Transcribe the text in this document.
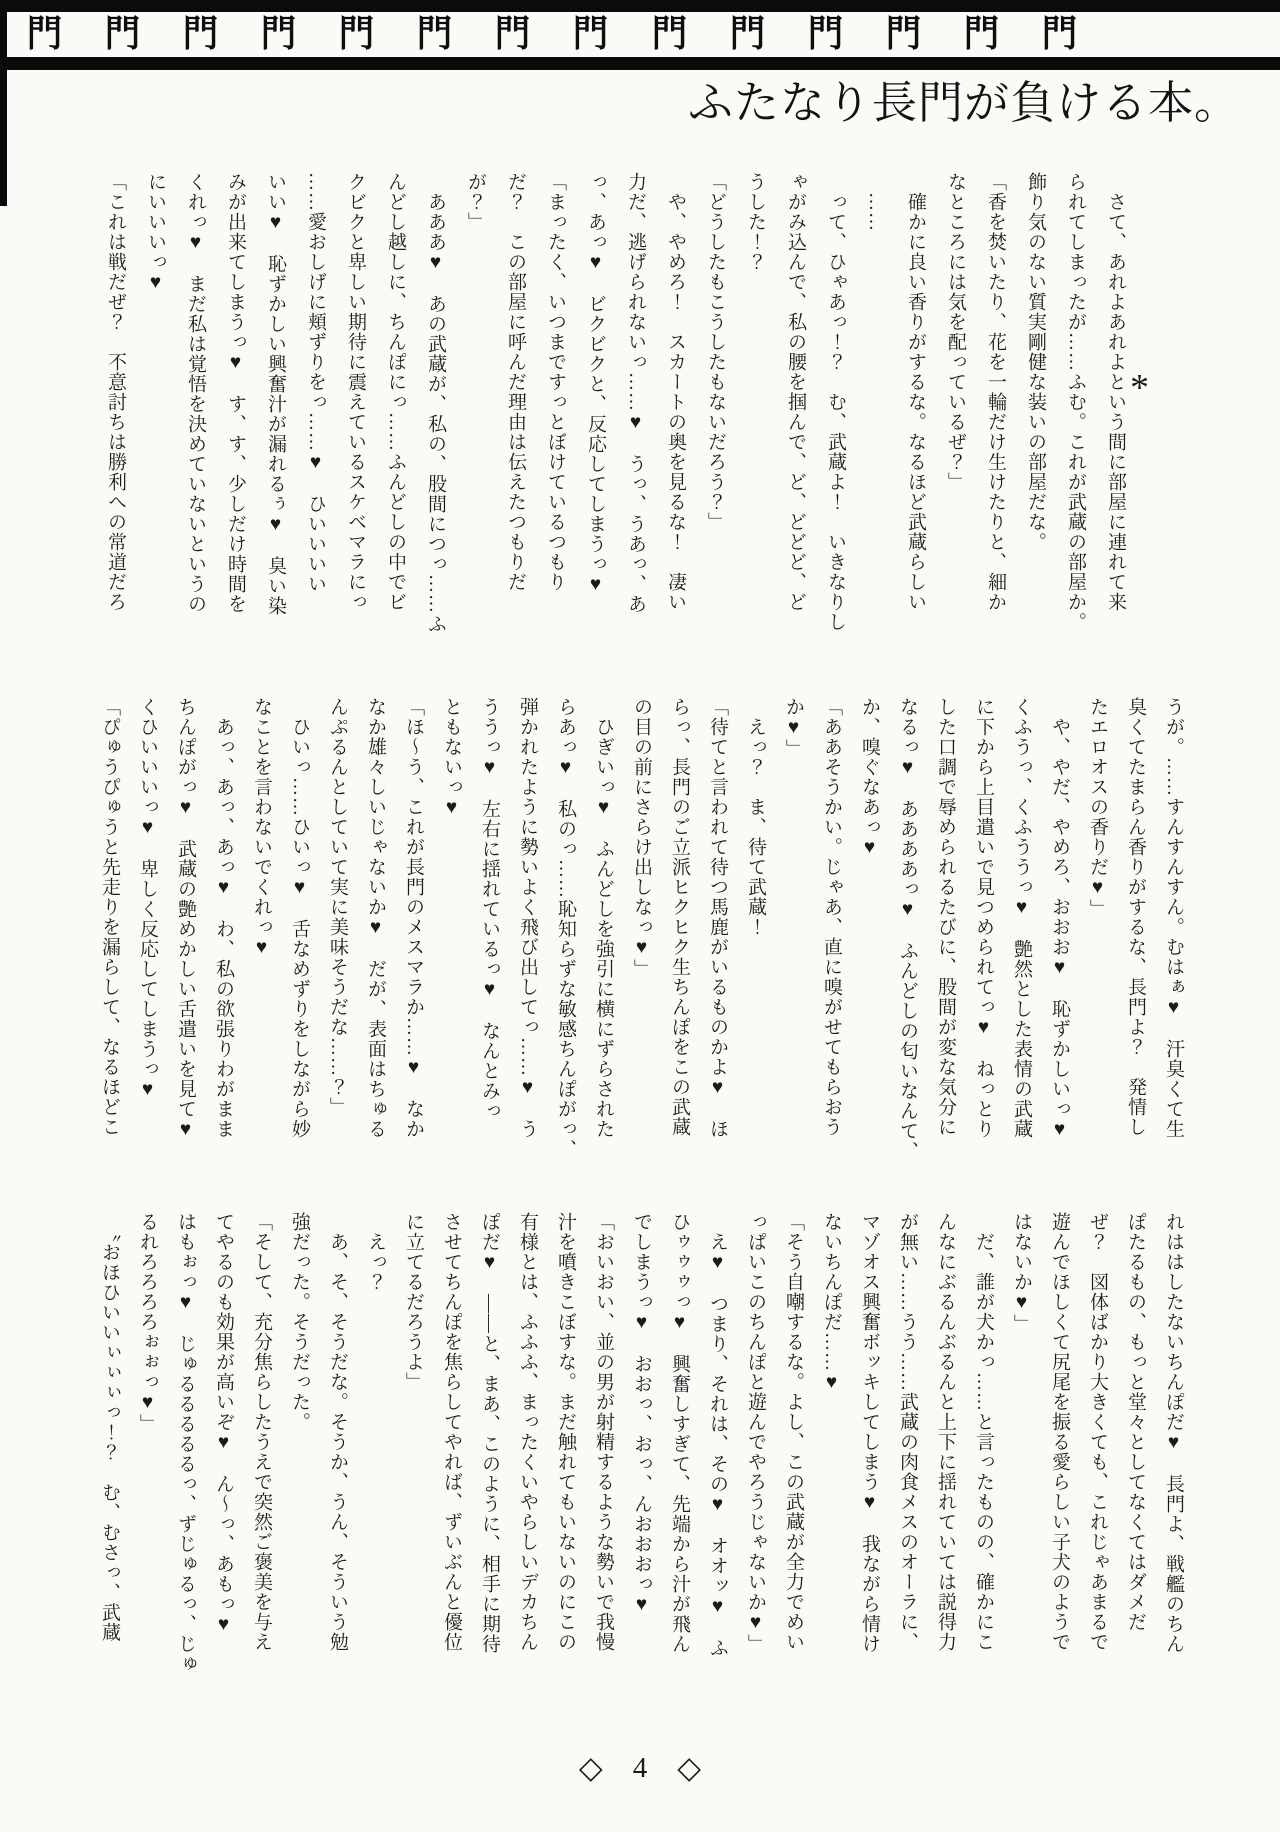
門 門 門 門 門 門 門 門 門 門 門 門 門 門
ふたなり長門が負ける本。
*
　さて、あれよあれよという間に部屋に連れて来
られてしまったが……ふむ。これが武蔵の部屋か。
飾り気のない質実剛健な装いの部屋だな。
「香を焚いたり、花を一輪だけ生けたりと、細か
なところには気を配っているぜ？」
　確かに良い香りがするな。なるほど武蔵らしい
　……
　って、ひゃあっ！？　む、武蔵よ！　いきなりし
ゃがみ込んで、私の腰を掴んで、ど、どどど、ど
うした！？
「どうしたもこうしたもないだろう？」
　や、やめろ！　スカートの奥を見るな！　凄い
力だ、逃げられないっ……♥　うっ、うあっ、あ
っ、あっ♥　ビクビクと、反応してしまうっ♥
「まったく、いつまですっとぼけているつもり
だ？　この部屋に呼んだ理由は伝えたつもりだ
が？」
　あああ♥　あの武蔵が、私の、股間につっ……ふ
んどし越しに、ちんぽにっ……ふんどしの中でビ
クビクと卑しい期待に震えているスケベマラにっ
……愛おしげに頬ずりをっ……♥　ひいいいい
いい♥　恥ずかしい興奮汁が漏れるぅ♥　臭い染
みが出来てしまうっ♥　す、す、少しだけ時間を
くれっ♥　まだ私は覚悟を決めていないというの
にいいいっ♥
「これは戦だぜ？　不意討ちは勝利への常道だろ
うが。……すんすんすん。むはぁ♥　汗臭くて生
臭くてたまらん香りがするな、長門よ？　発情し
たエロオスの香りだ♥」
　や、やだ、やめろ、おおお♥　恥ずかしいっ♥
くふうっ、くふううっ♥　艶然とした表情の武蔵
に下から上目遣いで見つめられてっ♥　ねっとり
した口調で辱められるたびに、股間が変な気分に
なるっ♥　ああああっ♥　ふんどしの匂いなんて、
か、嗅ぐなあっ♥
「ああそうかい。じゃあ、直に嗅がせてもらおう
か♥」
　えっ？　ま、待て武蔵！
「待てと言われて待つ馬鹿がいるものかよ♥　ほ
らっ、長門のご立派ヒクヒク生ちんぽをこの武蔵
の目の前にさらけ出しなっ♥」
　ひぎいっ♥　ふんどしを強引に横にずらされた
らあっ♥　私のっ……恥知らずな敏感ちんぽがっ、
弾かれたように勢いよく飛び出してっ……♥　う
ううっ♥　左右に揺れているっ♥　なんとみっ
ともないっ♥
「ほ〜う、これが長門のメスマラか……♥　なか
なか雄々しいじゃないか♥　だが、表面はちゅる
んぷるんとしていて実に美味そうだな……？」
　ひいっ……ひいっ♥　舌なめずりをしながら妙
なことを言わないでくれっ♥
　あっ、あっ、あっ♥　わ、私の欲張りわがまま
ちんぽがっ♥　武蔵の艶めかしい舌遣いを見て♥
くひいいいっ♥　卑しく反応してしまうっ♥
「ぴゅうぴゅうと先走りを漏らして、なるほどこ
れははしたないちんぽだ♥　長門よ、戦艦のちん
ぽたるもの、もっと堂々としてなくてはダメだ
ぜ？　図体ばかり大きくても、これじゃあまるで
遊んでほしくて尻尾を振る愛らしい子犬のようで
はないか♥」
　だ、誰が犬かっ……と言ったものの、確かにこ
んなにぶるんぶるんと上下に揺れていては説得力
が無い……うう……武蔵の肉食メスのオーラに、
マゾオス興奮ボッキしてしまう♥　我ながら情け
ないちんぽだ……♥
「そう自嘲するな。よし、この武蔵が全力でめい
っぱいこのちんぽと遊んでやろうじゃないか♥」
　え♥　つまり、それは、その♥　オオッ♥　ふ
ひゥゥゥっ♥　興奮しすぎて、先端から汁が飛ん
でしまうっ♥　おおっ、おっ、んおおおっ♥
「おいおい、並の男が射精するような勢いで我慢
汁を噴きこぼすな。まだ触れてもいないのにこの
有様とは、ふふふ、まったくいやらしいデカちん
ぽだ♥　――と、まあ、このように、相手に期待
させてちんぽを焦らしてやれば、ずいぶんと優位
に立てるだろうよ」
　えっ？
　あ、そ、そうだな。そうか、うん、そういう勉
強だった。そうだった。
「そして、充分焦らしたうえで突然ご褒美を与え
てやるのも効果が高いぞ♥　ん〜っ、あもっ♥
はもぉっ♥　じゅるるるるるっ、ずじゅるっ、じゅ
るれろろろろぉぉっ♥」
　〝おほひいいぃぃぃっ！？　む、むさっ、武蔵
◇ 4 ◇
